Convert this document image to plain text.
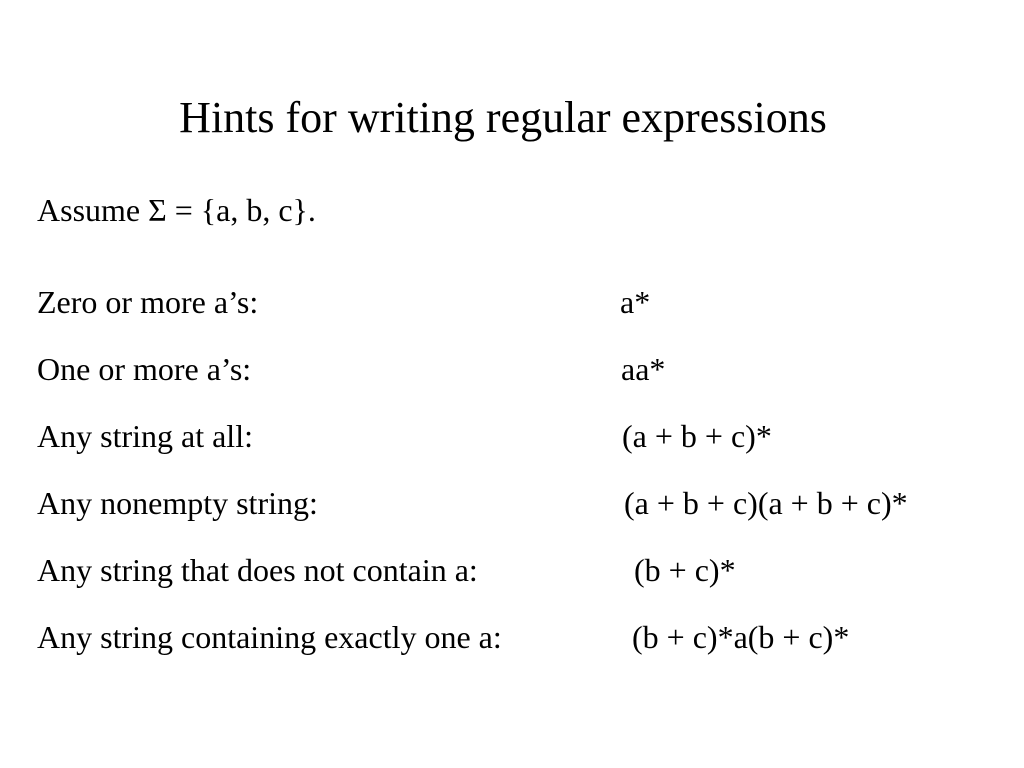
Hints for writing regular expressions
Assume Σ = {a, b, c}.
Zero or more a’s:	a*
One or more a’s:	aa*
Any string at all:	(a + b + c)*
Any nonempty string:	(a + b + c)(a + b + c)*
Any string that does not contain a:	(b + c)*
Any string containing exactly one a:	(b + c)*a(b + c)*
